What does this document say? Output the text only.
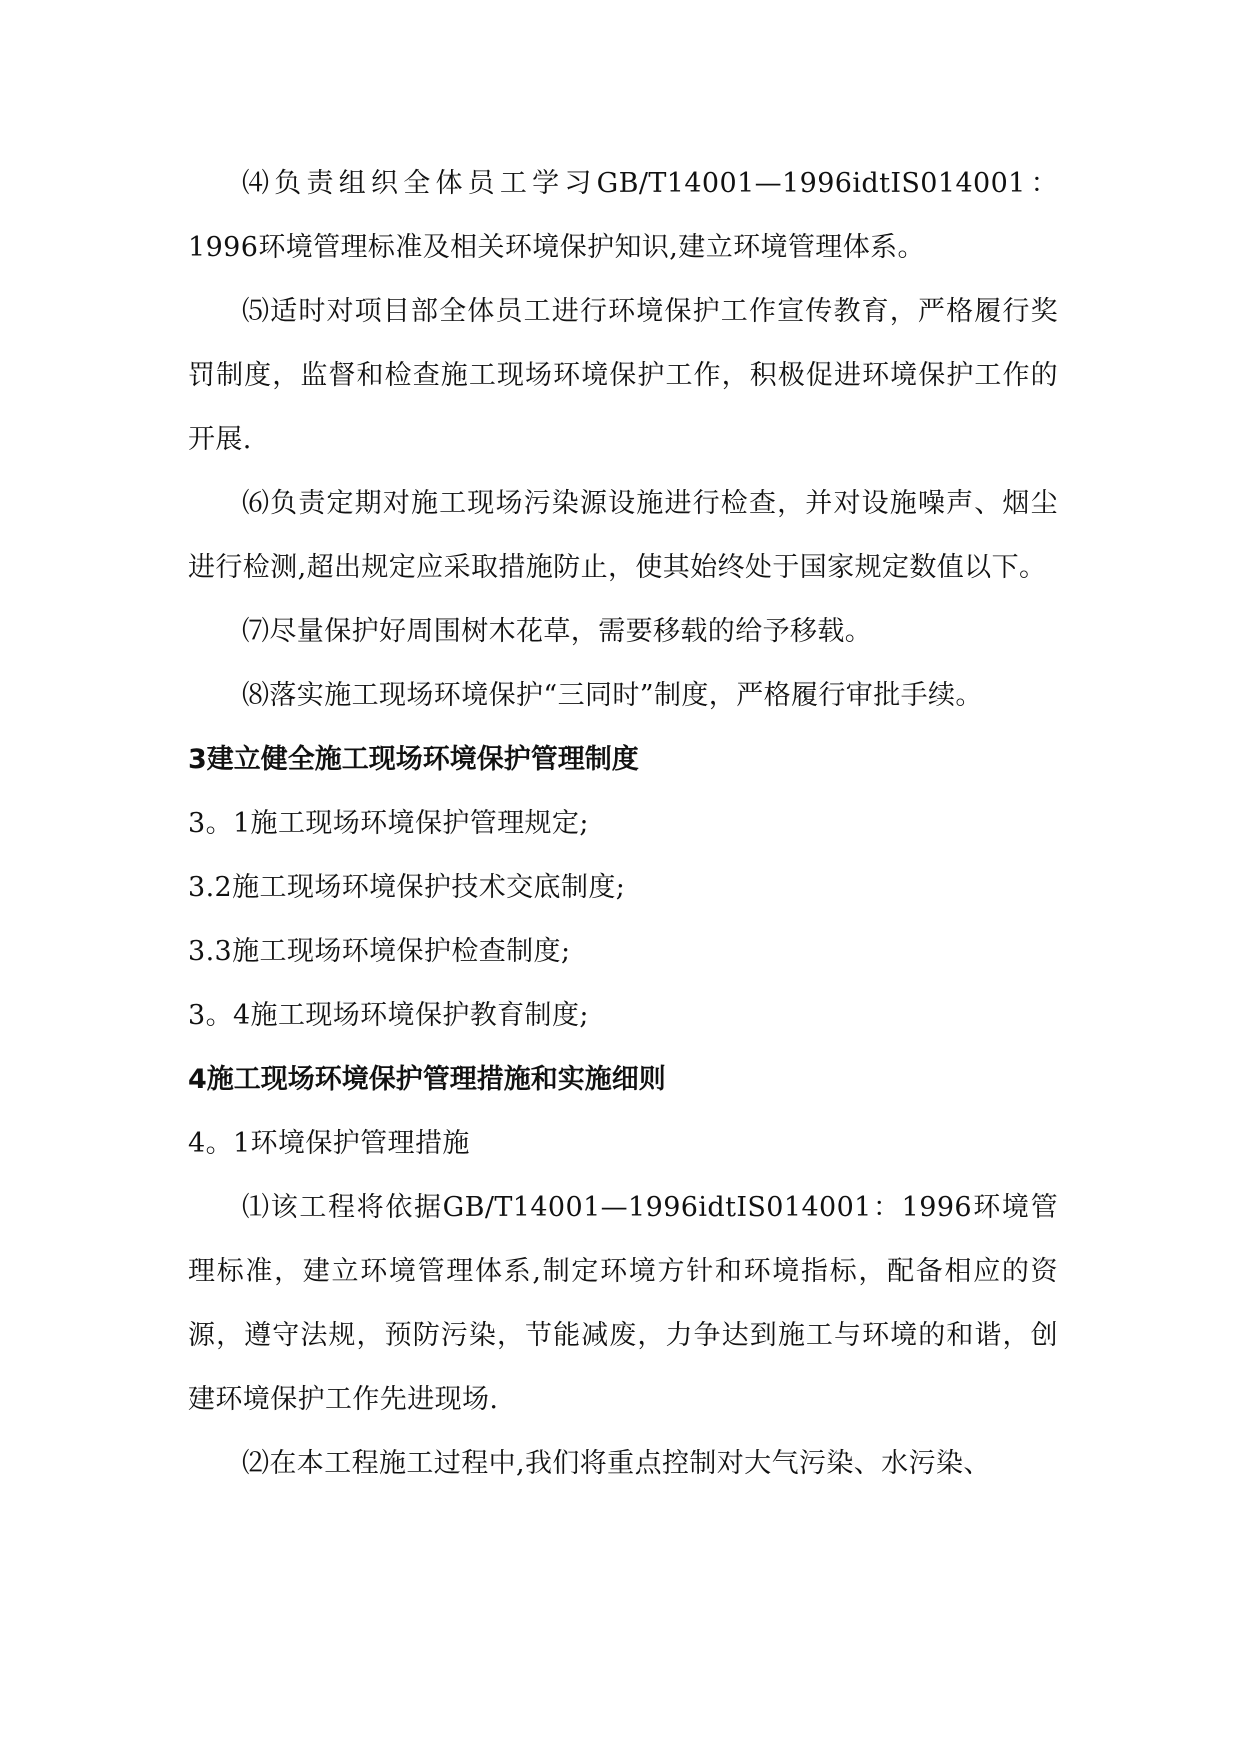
⑷负责组织全体员工学习GB/T14001—1996idtIS014001：1996环境管理标准及相关环境保护知识,建立环境管理体系。

⑸适时对项目部全体员工进行环境保护工作宣传教育，严格履行奖罚制度，监督和检查施工现场环境保护工作，积极促进环境保护工作的开展.

⑹负责定期对施工现场污染源设施进行检查，并对设施噪声、烟尘进行检测,超出规定应采取措施防止，使其始终处于国家规定数值以下。

⑺尽量保护好周围树木花草，需要移载的给予移载。

⑻落实施工现场环境保护“三同时”制度，严格履行审批手续。

3建立健全施工现场环境保护管理制度

3。1施工现场环境保护管理规定;

3.2施工现场环境保护技术交底制度;

3.3施工现场环境保护检查制度;

3。4施工现场环境保护教育制度;

4施工现场环境保护管理措施和实施细则

4。1环境保护管理措施

⑴该工程将依据GB/T14001—1996idtIS014001：1996环境管理标准，建立环境管理体系,制定环境方针和环境指标，配备相应的资源，遵守法规，预防污染，节能减废，力争达到施工与环境的和谐，创建环境保护工作先进现场.

⑵在本工程施工过程中,我们将重点控制对大气污染、水污染、
